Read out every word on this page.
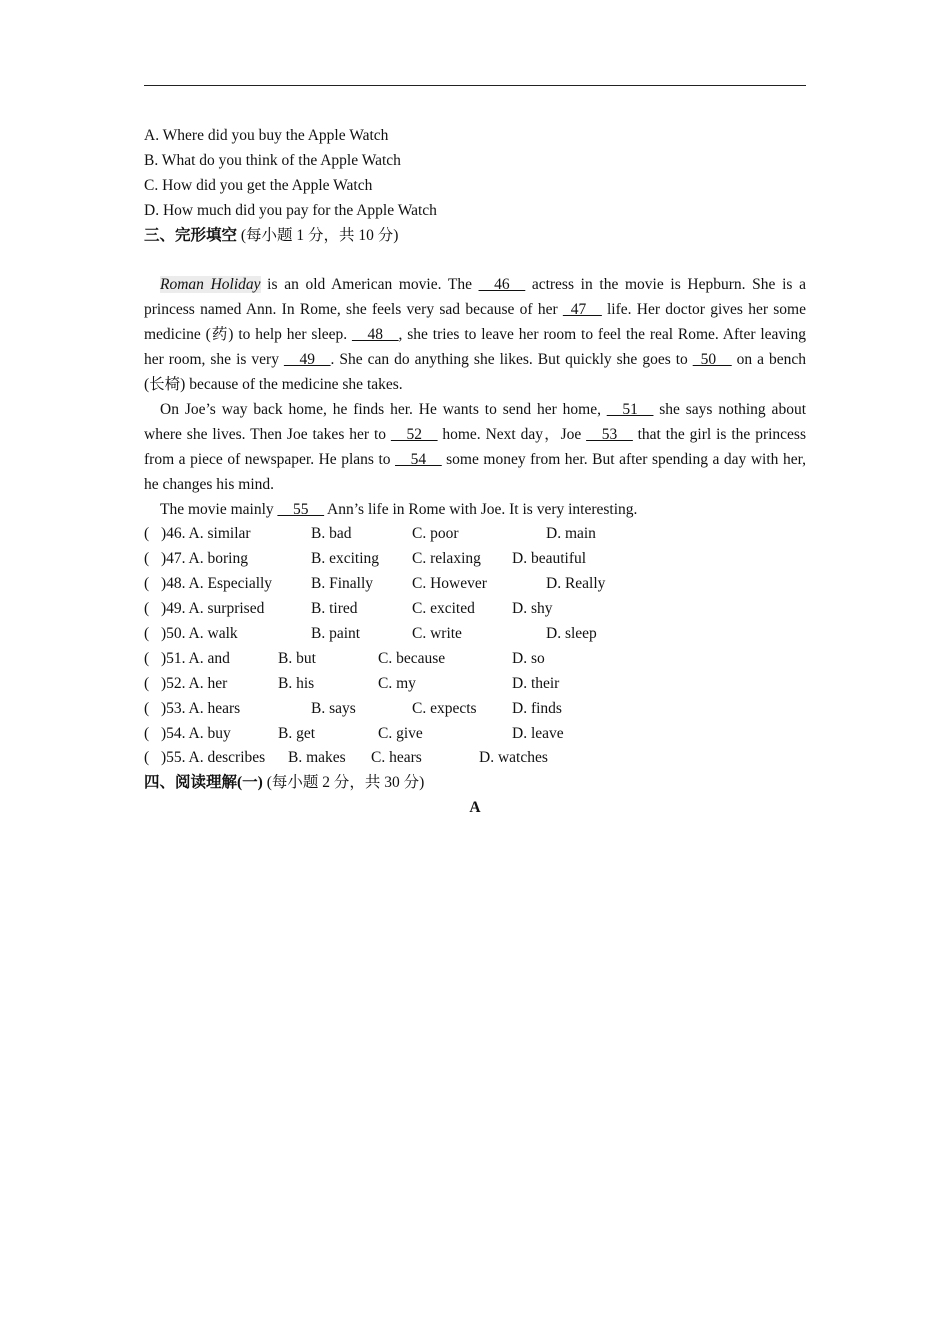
A. Where did you buy the Apple Watch
B. What do you think of the Apple Watch
C. How did you get the Apple Watch
D. How much did you pay for the Apple Watch
三、完形填空 (每小题 1 分，共 10 分)
Roman Holiday is an old American movie. The __46__ actress in the movie is Hepburn. She is a princess named Ann. In Rome, she feels very sad because of her _47__ life. Her doctor gives her some medicine (药) to help her sleep. __48__, she tries to leave her room to feel the real Rome. After leaving her room, she is very __49__. She can do anything she likes. But quickly she goes to _50__ on a bench (长椅) because of the medicine she takes.
On Joe’s way back home, he finds her. He wants to send her home, __51__ she says nothing about where she lives. Then Joe takes her to __52__ home. Next day，Joe __53__ that the girl is the princess from a piece of newspaper. He plans to __54__ some money from her. But after spending a day with her, he changes his mind.
The movie mainly __55__ Ann’s life in Rome with Joe. It is very interesting.
( )46. A. similar	B. bad	C. poor	D. main
( )47. A. boring	B. exciting C. relaxing D. beautiful
( )48. A. Especially	B. Finally	C. However	D. Really
( )49. A. surprised	B. tired	C. excited D. shy
( )50. A. walk	B. paint	C. write	D. sleep
( )51. A. and	B. but	C. because	D. so
( )52. A. her	B. his	C. my	D. their
( )53. A. hears	B. says	C. expects D. finds
( )54. A. buy	B. get	C. give	D. leave
( )55. A. describes B. makes C. hears	D. watches
四、阅读理解(一) (每小题 2 分，共 30 分)
A
